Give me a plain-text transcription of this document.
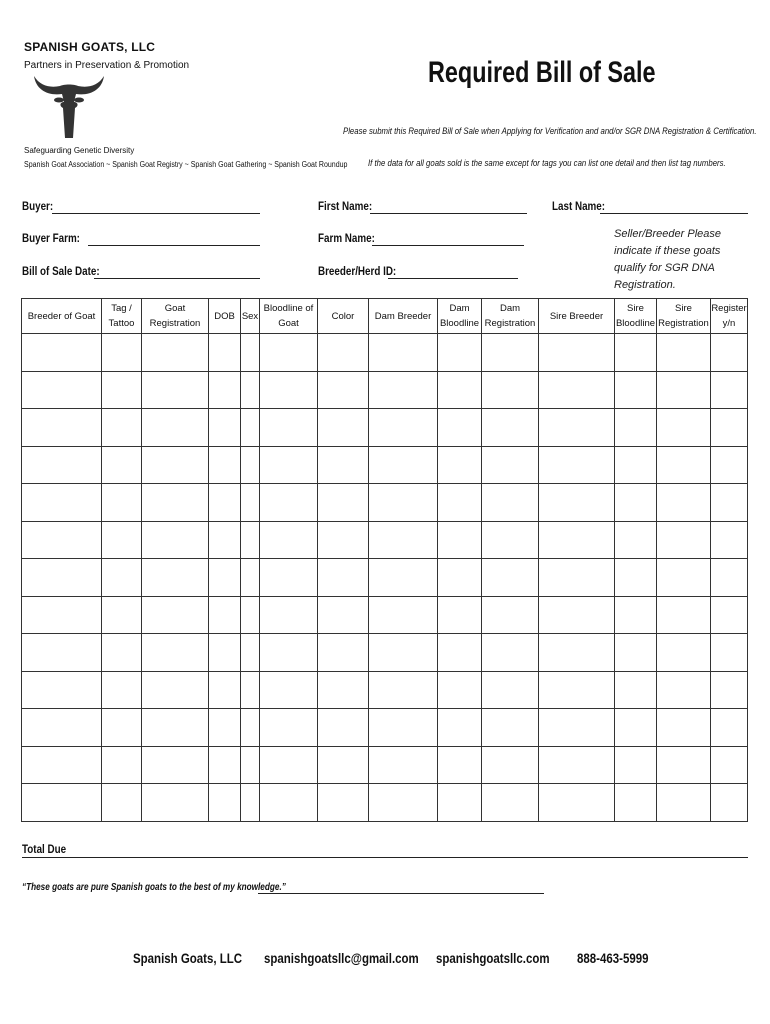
SPANISH GOATS, LLC
Partners in Preservation & Promotion
Safeguarding Genetic Diversity
Spanish Goat Association ~ Spanish Goat Registry ~ Spanish Goat Gathering ~ Spanish Goat Roundup
Required Bill of Sale
Please submit this Required Bill of Sale when Applying for Verification and and/or SGR DNA Registration & Certification.
If the data for all goats sold is the same except for tags you can list one detail and then list tag numbers.
Buyer:	First Name:	Last Name:
Buyer Farm:	Farm Name:
Bill of Sale Date:	Breeder/Herd ID:
Seller/Breeder Please indicate if these goats qualify for SGR DNA Registration.
Breeder of Goat	Tag / Tattoo	Goat Registration	DOB	Sex	Bloodline of Goat	Color	Dam Breeder	Dam Bloodline	Dam Registration	Sire Breeder	Sire Bloodline	Sire Registration	Register y/n

Total Due
“These goats are pure Spanish goats to the best of my knowledge.”
Spanish Goats, LLC spanishgoatsllc@gmail.com spanishgoatsllc.com 888-463-5999
